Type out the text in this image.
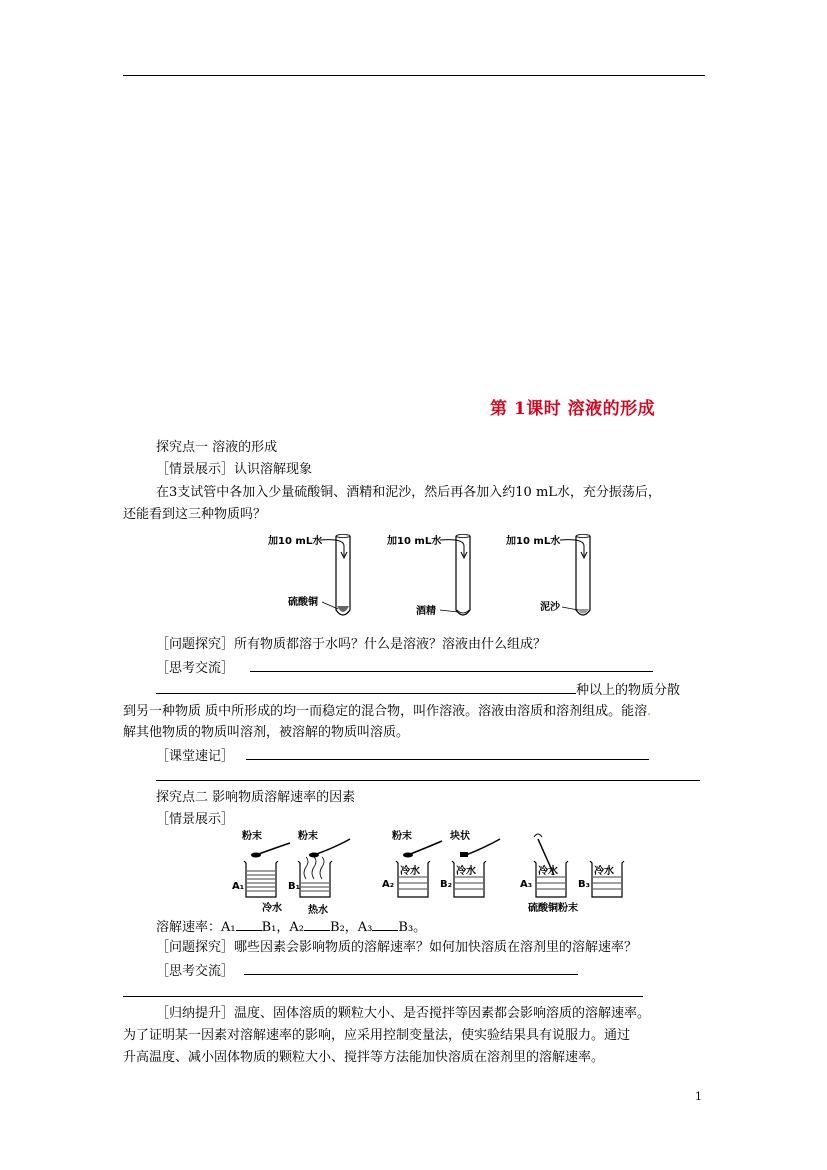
第 1课时 溶液的形成
探究点一 溶液的形成
［情景展示］认识溶解现象
在3支试管中各加入少量硫酸铜、酒精和泥沙，然后再各加入约10 mL水，充分振荡后，
还能看到这三种物质吗？
加10 mL水
硫酸铜
加10 mL水
酒精
加10 mL水
泥沙
［问题探究］所有物质都溶于水吗？什么是溶液？溶液由什么组成？
［思考交流］
种以上的物质分散
到另一种物质 质中所形成的均一而稳定的混合物，叫作溶液。溶液由溶质和溶剂组成。能溶.
解其他物质的物质叫溶剂，被溶解的物质叫溶质。
［课堂速记］
探究点二 影响物质溶解速率的因素
［情景展示］
粉末	粉末
A₁	B₁
冷水	热水
粉末	块状
冷水
A₂
冷水
B₂
冷水
A₃
冷水
B₃
硫酸铜粉末
溶解速率：A₁ B₁，A₂ B₂，A₃ B₃。
［问题探究］哪些因素会影响物质的溶解速率？如何加快溶质在溶剂里的溶解速率？
［思考交流］
［归纳提升］温度、固体溶质的颗粒大小、是否搅拌等因素都会影响溶质的溶解速率。
为了证明某一因素对溶解速率的影响，应采用控制变量法，使实验结果具有说服力。通过
升高温度、减小固体物质的颗粒大小、搅拌等方法能加快溶质在溶剂里的溶解速率。
1
